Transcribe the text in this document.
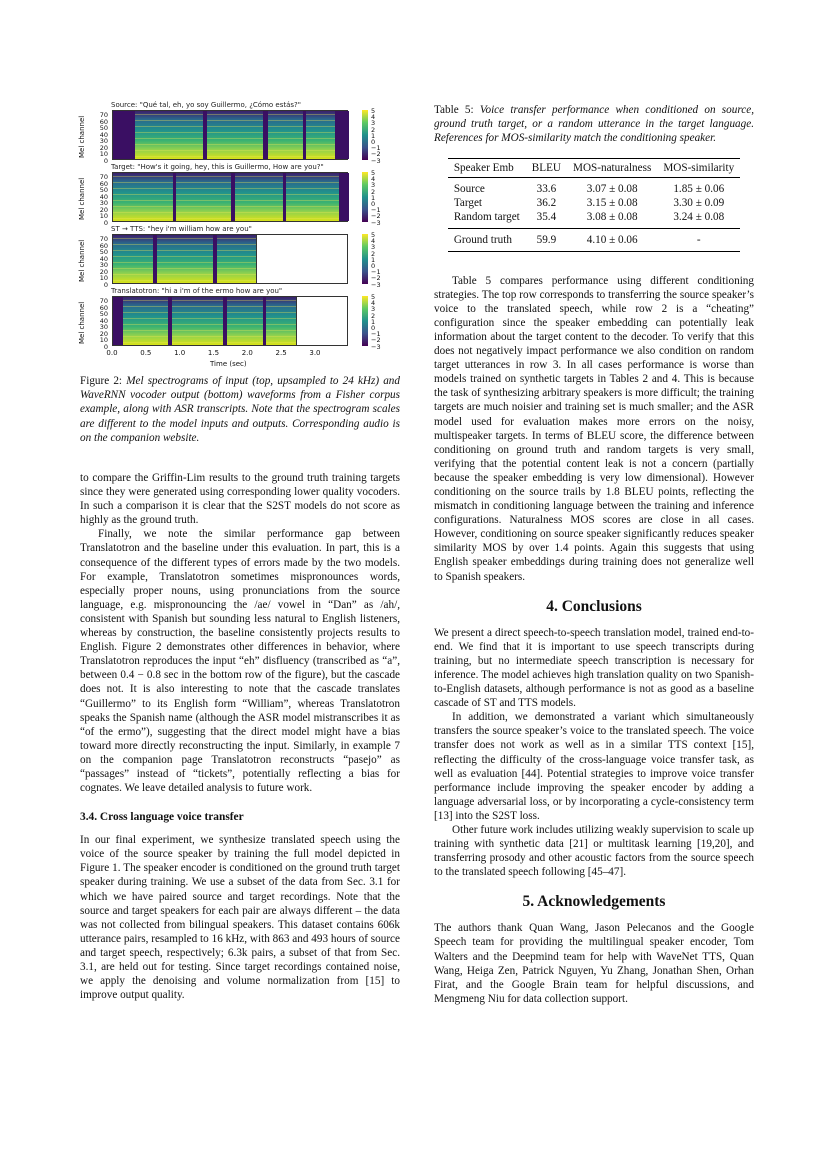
Source: "Qué tal, eh, yo soy Guillermo, ¿Cómo estás?"
Mel channel
70
60
50
40
30
20
10
0
5
4
3
2
1
0
−1
−2
−3
Target: "How's it going, hey, this is Guillermo, How are you?"
Mel channel
70
60
50
40
30
20
10
0
5
4
3
2
1
0
−1
−2
−3
ST → TTS: "hey i'm william how are you"
Mel channel
70
60
50
40
30
20
10
0
5
4
3
2
1
0
−1
−2
−3
Translatotron: "hi a i'm of the ermo how are you"
Mel channel
70
60
50
40
30
20
10
0
5
4
3
2
1
0
−1
−2
−3
0.0	0.5	1.0	1.5	2.0	2.5	3.0
Time (sec)

Figure 2: Mel spectrograms of input (top, upsampled to 24 kHz) and WaveRNN vocoder output (bottom) waveforms from a Fisher corpus example, along with ASR transcripts. Note that the spectrogram scales are different to the model inputs and outputs. Corresponding audio is on the companion website.

to compare the Griffin-Lim results to the ground truth training targets since they were generated using corresponding lower quality vocoders. In such a comparison it is clear that the S2ST models do not score as highly as the ground truth.

Finally, we note the similar performance gap between Translatotron and the baseline under this evaluation. In part, this is a consequence of the different types of errors made by the two models. For example, Translatotron sometimes mispronounces words, especially proper nouns, using pronunciations from the source language, e.g. mispronouncing the /ae/ vowel in “Dan” as /ah/, consistent with Spanish but sounding less natural to English listeners, whereas by construction, the baseline consistently projects results to English. Figure 2 demonstrates other differences in behavior, where Translatotron reproduces the input “eh” disfluency (transcribed as “a”, between 0.4 − 0.8 sec in the bottom row of the figure), but the cascade does not. It is also interesting to note that the cascade translates “Guillermo” to its English form “William”, whereas Translatotron speaks the Spanish name (although the ASR model mistranscribes it as “of the ermo”), suggesting that the direct model might have a bias toward more directly reconstructing the input. Similarly, in example 7 on the companion page Translatotron reconstructs “pasejo” as “passages” instead of “tickets”, potentially reflecting a bias for cognates. We leave detailed analysis to future work.

3.4. Cross language voice transfer

In our final experiment, we synthesize translated speech using the voice of the source speaker by training the full model depicted in Figure 1. The speaker encoder is conditioned on the ground truth target speaker during training. We use a subset of the data from Sec. 3.1 for which we have paired source and target recordings. Note that the source and target speakers for each pair are always different – the data was not collected from bilingual speakers. This dataset contains 606k utterance pairs, resampled to 16 kHz, with 863 and 493 hours of source and target speech, respectively; 6.3k pairs, a subset of that from Sec. 3.1, are held out for testing. Since target recordings contained noise, we apply the denoising and volume normalization from [15] to improve output quality.

Table 5: Voice transfer performance when conditioned on source, ground truth target, or a random utterance in the target language. References for MOS-similarity match the conditioning speaker.

Speaker Emb	BLEU	MOS-naturalness	MOS-similarity
Source	33.6	3.07 ± 0.08	1.85 ± 0.06
Target	36.2	3.15 ± 0.08	3.30 ± 0.09
Random target	35.4	3.08 ± 0.08	3.24 ± 0.08
Ground truth	59.9	4.10 ± 0.06	-

Table 5 compares performance using different conditioning strategies. The top row corresponds to transferring the source speaker’s voice to the translated speech, while row 2 is a “cheating” configuration since the speaker embedding can potentially leak information about the target content to the decoder. To verify that this does not negatively impact performance we also condition on random target utterances in row 3. In all cases performance is worse than models trained on synthetic targets in Tables 2 and 4. This is because the task of synthesizing arbitrary speakers is more difficult; the training targets are much noisier and training set is much smaller; and the ASR model used for evaluation makes more errors on the noisy, multispeaker targets. In terms of BLEU score, the difference between conditioning on ground truth and random targets is very small, verifying that the potential content leak is not a concern (partially because the speaker embedding is very low dimensional). However conditioning on the source trails by 1.8 BLEU points, reflecting the mismatch in conditioning language between the training and inference configurations. Naturalness MOS scores are close in all cases. However, conditioning on source speaker significantly reduces speaker similarity MOS by over 1.4 points. Again this suggests that using English speaker embeddings during training does not generalize well to Spanish speakers.

4. Conclusions

We present a direct speech-to-speech translation model, trained end-to-end. We find that it is important to use speech transcripts during training, but no intermediate speech transcription is necessary for inference. The model achieves high translation quality on two Spanish-to-English datasets, although performance is not as good as a baseline cascade of ST and TTS models.

In addition, we demonstrated a variant which simultaneously transfers the source speaker’s voice to the translated speech. The voice transfer does not work as well as in a similar TTS context [15], reflecting the difficulty of the cross-language voice transfer task, as well as evaluation [44]. Potential strategies to improve voice transfer performance include improving the speaker encoder by adding a language adversarial loss, or by incorporating a cycle-consistency term [13] into the S2ST loss.

Other future work includes utilizing weakly supervision to scale up training with synthetic data [21] or multitask learning [19,20], and transferring prosody and other acoustic factors from the source speech to the translated speech following [45–47].

5. Acknowledgements

The authors thank Quan Wang, Jason Pelecanos and the Google Speech team for providing the multilingual speaker encoder, Tom Walters and the Deepmind team for help with WaveNet TTS, Quan Wang, Heiga Zen, Patrick Nguyen, Yu Zhang, Jonathan Shen, Orhan Firat, and the Google Brain team for helpful discussions, and Mengmeng Niu for data collection support.
